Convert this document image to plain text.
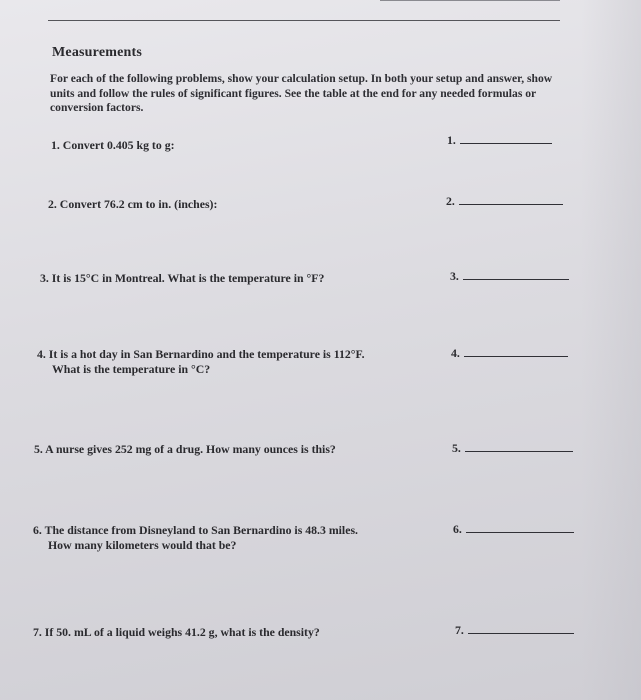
Measurements
For each of the following problems, show your calculation setup. In both your setup and answer, show units and follow the rules of significant figures. See the table at the end for any needed formulas or conversion factors.
1. Convert 0.405 kg to g:	1.
2. Convert 76.2 cm to in. (inches):	2.
3. It is 15°C in Montreal. What is the temperature in °F?	3.
4. It is a hot day in San Bernardino and the temperature is 112°F.
What is the temperature in °C?
4.
5. A nurse gives 252 mg of a drug. How many ounces is this?	5.
6. The distance from Disneyland to San Bernardino is 48.3 miles.
How many kilometers would that be?
6.
7. If 50. mL of a liquid weighs 41.2 g, what is the density?	7.
